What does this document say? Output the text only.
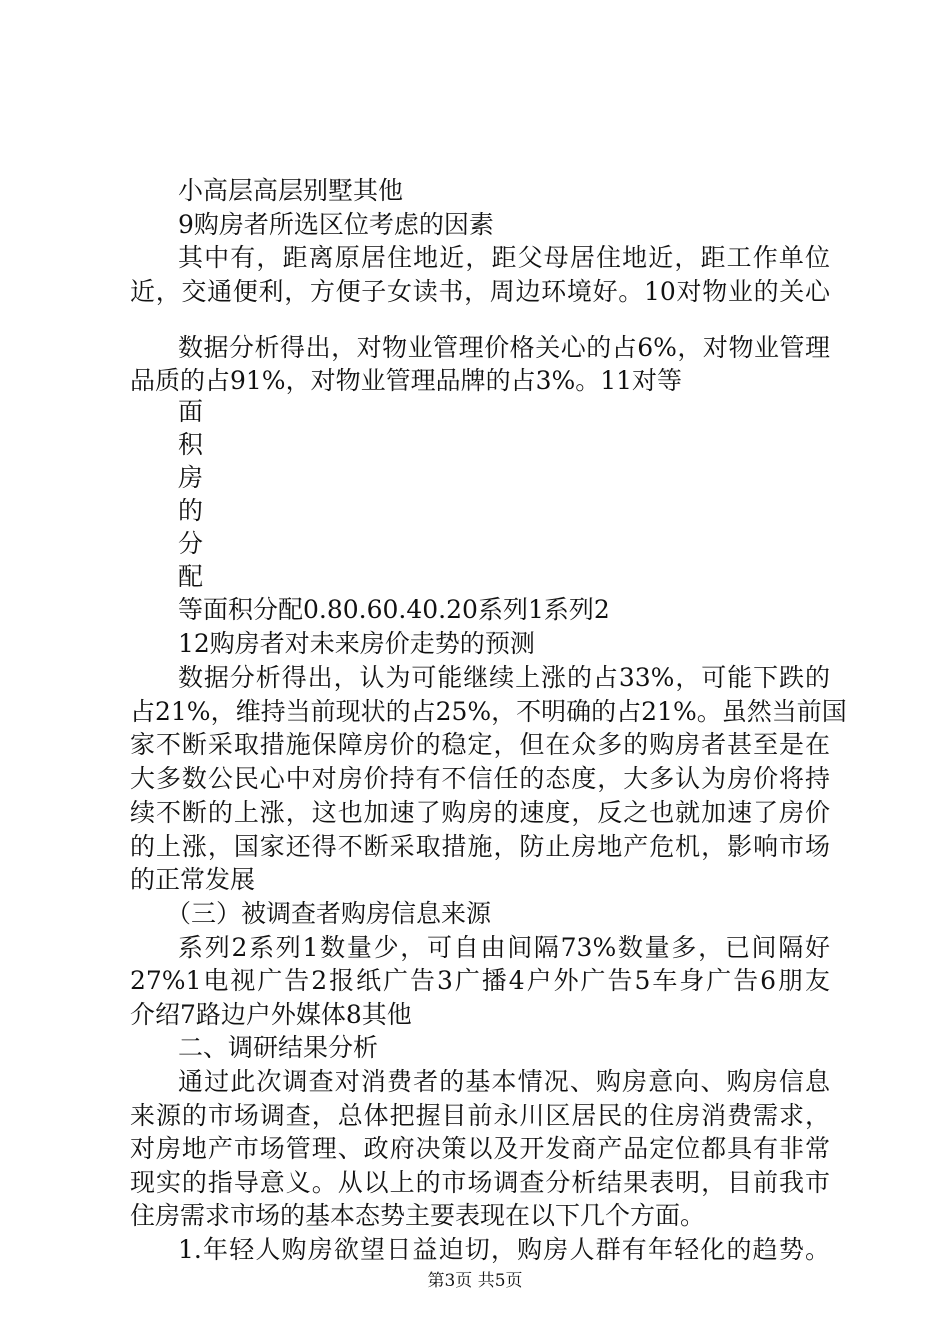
小高层高层别墅其他
9购房者所选区位考虑的因素
其中有，距离原居住地近，距父母居住地近，距工作单位
近，交通便利，方便子女读书，周边环境好。10对物业的关心
数据分析得出，对物业管理价格关心的占6%，对物业管理
品质的占91%，对物业管理品牌的占3%。11对等
面
积
房
的
分
配
等面积分配0.80.60.40.20系列1系列2
12购房者对未来房价走势的预测
数据分析得出，认为可能继续上涨的占33%，可能下跌的
占21%，维持当前现状的占25%，不明确的占21%。虽然当前国
家不断采取措施保障房价的稳定，但在众多的购房者甚至是在
大多数公民心中对房价持有不信任的态度，大多认为房价将持
续不断的上涨，这也加速了购房的速度，反之也就加速了房价
的上涨，国家还得不断采取措施，防止房地产危机，影响市场
的正常发展
（三）被调查者购房信息来源
系列2系列1数量少，可自由间隔73%数量多，已间隔好
27%1电视广告2报纸广告3广播4户外广告5车身广告6朋友
介绍7路边户外媒体8其他
二、调研结果分析
通过此次调查对消费者的基本情况、购房意向、购房信息
来源的市场调查，总体把握目前永川区居民的住房消费需求，
对房地产市场管理、政府决策以及开发商产品定位都具有非常
现实的指导意义。从以上的市场调查分析结果表明，目前我市
住房需求市场的基本态势主要表现在以下几个方面。
1.年轻人购房欲望日益迫切，购房人群有年轻化的趋势。
第3页 共5页
